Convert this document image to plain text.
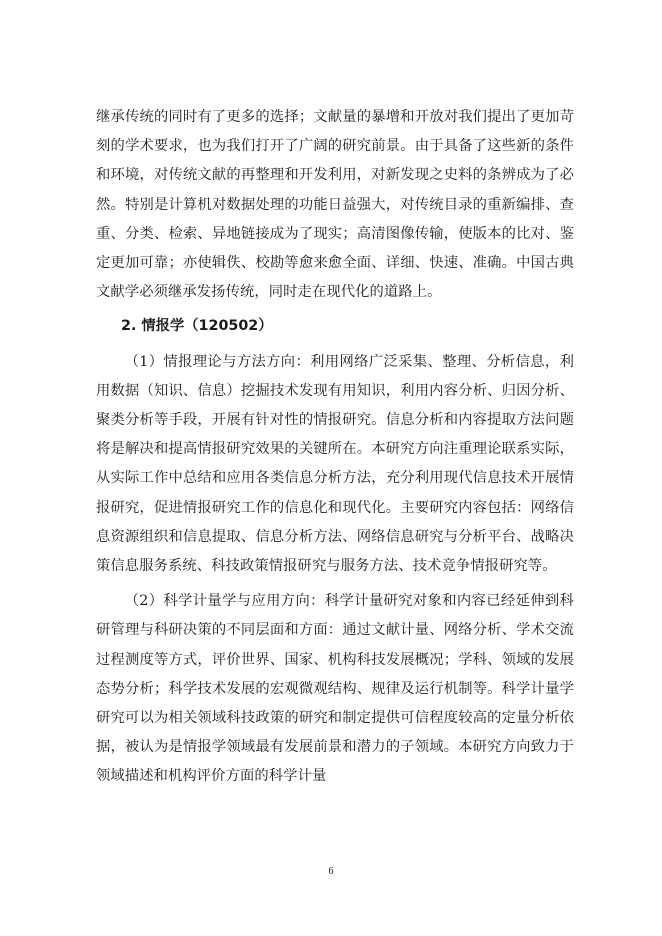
继承传统的同时有了更多的选择；文献量的暴增和开放对我们提出了更加苛刻的学术要求，也为我们打开了广阔的研究前景。由于具备了这些新的条件和环境，对传统文献的再整理和开发利用，对新发现之史料的条辨成为了必然。特别是计算机对数据处理的功能日益强大，对传统目录的重新编排、查重、分类、检索、异地链接成为了现实；高清图像传输，使版本的比对、鉴定更加可靠；亦使辑佚、校勘等愈来愈全面、详细、快速、准确。中国古典文献学必须继承发扬传统，同时走在现代化的道路上。

2. 情报学（120502）

（1）情报理论与方法方向：利用网络广泛采集、整理、分析信息，利用数据（知识、信息）挖掘技术发现有用知识，利用内容分析、归因分析、聚类分析等手段，开展有针对性的情报研究。信息分析和内容提取方法问题将是解决和提高情报研究效果的关键所在。本研究方向注重理论联系实际，从实际工作中总结和应用各类信息分析方法，充分利用现代信息技术开展情报研究，促进情报研究工作的信息化和现代化。主要研究内容包括：网络信息资源组织和信息提取、信息分析方法、网络信息研究与分析平台、战略决策信息服务系统、科技政策情报研究与服务方法、技术竞争情报研究等。

（2）科学计量学与应用方向：科学计量研究对象和内容已经延伸到科研管理与科研决策的不同层面和方面：通过文献计量、网络分析、学术交流过程测度等方式，评价世界、国家、机构科技发展概况；学科、领域的发展态势分析；科学技术发展的宏观微观结构、规律及运行机制等。科学计量学研究可以为相关领域科技政策的研究和制定提供可信程度较高的定量分析依据，被认为是情报学领域最有发展前景和潜力的子领域。本研究方向致力于领域描述和机构评价方面的科学计量

6
